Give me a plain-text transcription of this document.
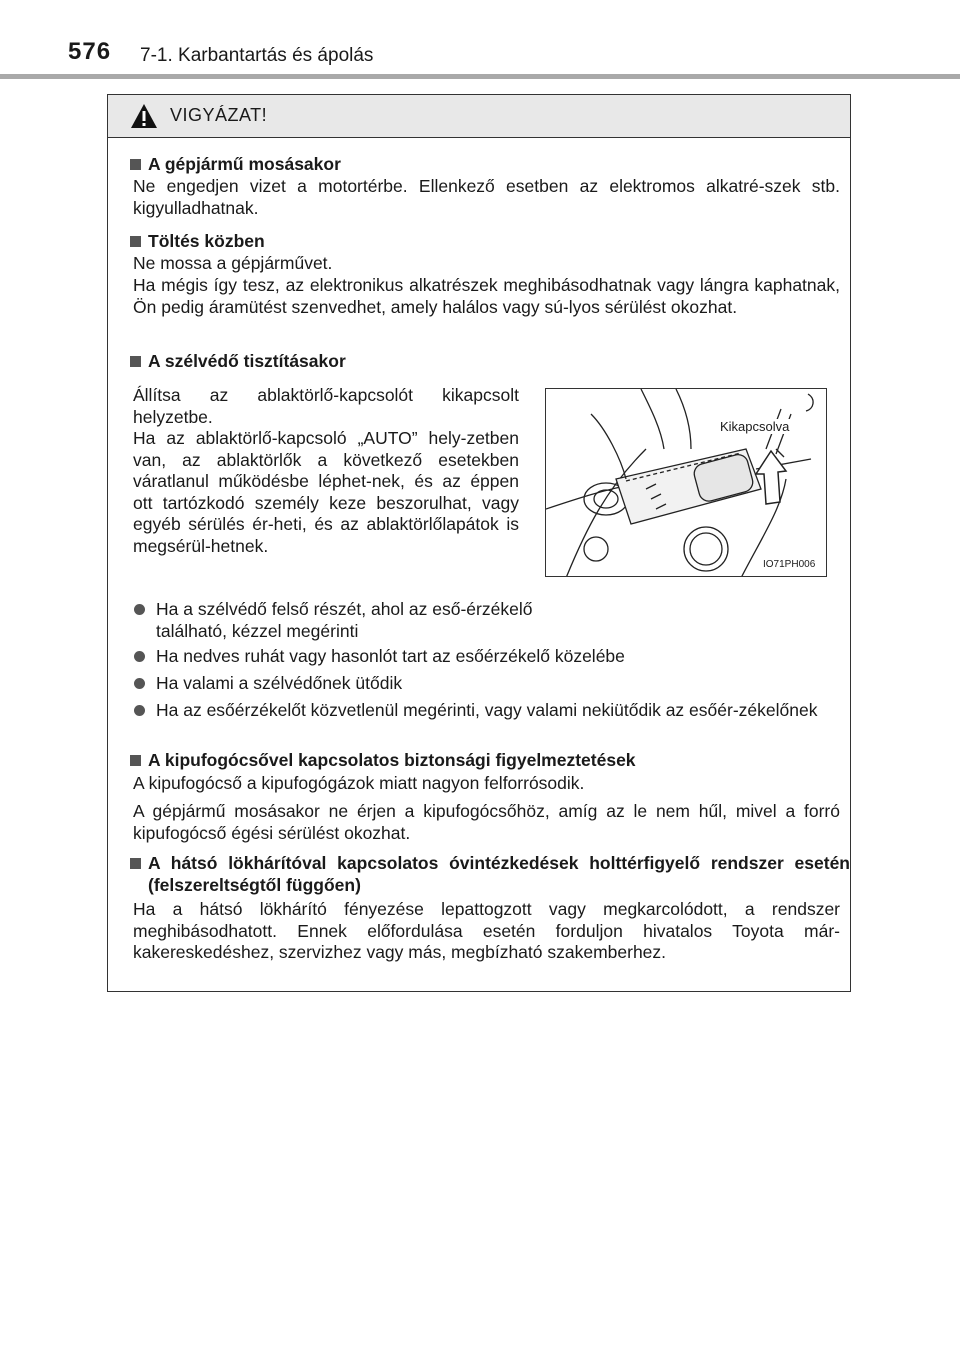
576 7-1. Karbantartás és ápolás
VIGYÁZAT!
A gépjármű mosásakor
Ne engedjen vizet a motortérbe. Ellenkező esetben az elektromos alkatré-szek stb. kigyulladhatnak.
Töltés közben
Ne mossa a gépjárművet.
Ha mégis így tesz, az elektronikus alkatrészek meghibásodhatnak vagy lángra kaphatnak, Ön pedig áramütést szenvedhet, amely halálos vagy sú-lyos sérülést okozhat.
A szélvédő tisztításakor
Állítsa az ablaktörlő-kapcsolót kikapcsolt helyzetbe.
Ha az ablaktörlő-kapcsoló „AUTO” hely-zetben van, az ablaktörlők a következő esetekben váratlanul működésbe léphet-nek, és az éppen ott tartózkodó személy keze beszorulhat, vagy egyéb sérülés ér-heti, és az ablaktörlőlapátok is megsérül-hetnek.
Kikapcsolva
IO71PH006
Ha a szélvédő felső részét, ahol az eső-érzékelő található, kézzel megérinti
Ha nedves ruhát vagy hasonlót tart az esőérzékelő közelébe
Ha valami a szélvédőnek ütődik
Ha az esőérzékelőt közvetlenül megérinti, vagy valami nekiütődik az esőér-zékelőnek
A kipufogócsővel kapcsolatos biztonsági figyelmeztetések
A kipufogócső a kipufogógázok miatt nagyon felforrósodik.
A gépjármű mosásakor ne érjen a kipufogócsőhöz, amíg az le nem hűl, mivel a forró kipufogócső égési sérülést okozhat.
A hátsó lökhárítóval kapcsolatos óvintézkedések holttérfigyelő rendszer esetén (felszereltségtől függően)
Ha a hátsó lökhárító fényezése lepattogzott vagy megkarcolódott, a rendszer meghibásodhatott. Ennek előfordulása esetén forduljon hivatalos Toyota már-kakereskedéshez, szervizhez vagy más, megbízható szakemberhez.
